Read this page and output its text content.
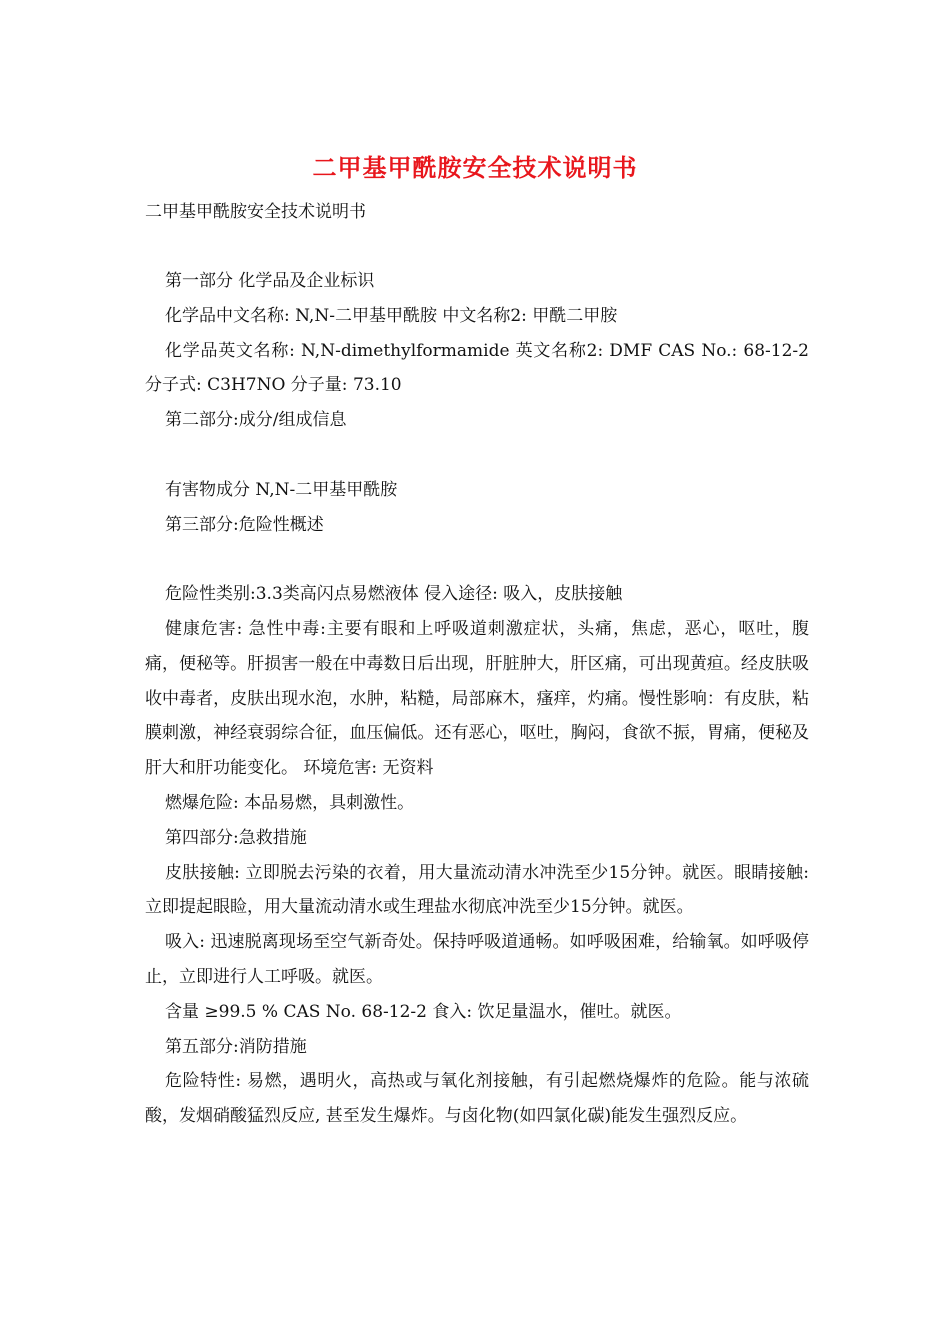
二甲基甲酰胺安全技术说明书
二甲基甲酰胺安全技术说明书

第一部分 化学品及企业标识

化学品中文名称: N,N-二甲基甲酰胺 中文名称2: 甲酰二甲胺

化学品英文名称: N,N-dimethylformamide 英文名称2: DMF CAS No.: 68-12-2 分子式: C3H7NO 分子量: 73.10

第二部分:成分/组成信息

有害物成分 N,N-二甲基甲酰胺

第三部分:危险性概述

危险性类别:3.3类高闪点易燃液体 侵入途径: 吸入，皮肤接触

健康危害: 急性中毒:主要有眼和上呼吸道刺激症状，头痛，焦虑，恶心，呕吐，腹痛，便秘等。肝损害一般在中毒数日后出现，肝脏肿大，肝区痛，可出现黄疸。经皮肤吸收中毒者，皮肤出现水泡，水肿，粘糙，局部麻木，瘙痒，灼痛。慢性影响：有皮肤，粘膜刺激，神经衰弱综合征，血压偏低。还有恶心，呕吐，胸闷，食欲不振，胃痛，便秘及肝大和肝功能变化。 环境危害: 无资料

燃爆危险: 本品易燃，具刺激性。

第四部分:急救措施

皮肤接触: 立即脱去污染的衣着，用大量流动清水冲洗至少15分钟。就医。眼睛接触: 立即提起眼睑，用大量流动清水或生理盐水彻底冲洗至少15分钟。就医。

吸入: 迅速脱离现场至空气新奇处。保持呼吸道通畅。如呼吸困难，给输氧。如呼吸停止，立即进行人工呼吸。就医。

含量 ≥99.5 % CAS No. 68-12-2 食入: 饮足量温水，催吐。就医。

第五部分:消防措施

危险特性: 易燃，遇明火，高热或与氧化剂接触，有引起燃烧爆炸的危险。能与浓硫酸，发烟硝酸猛烈反应, 甚至发生爆炸。与卤化物(如四氯化碳)能发生强烈反应。
